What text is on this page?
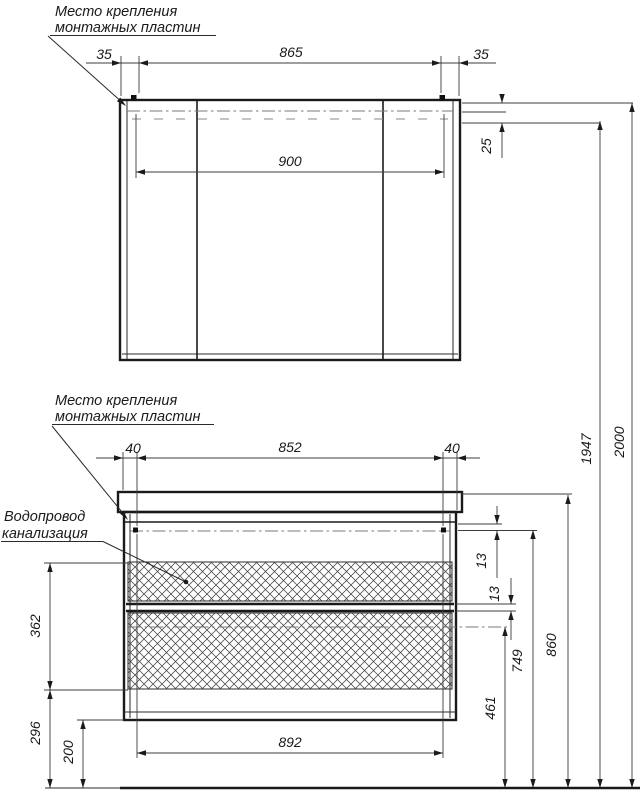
35	865	35
900
25
Место крепления
монтажных пластин
40	852	40
892
362
296
200
13
13
461
749
860
1947 2000
Место крепления
монтажных пластин
Водопровод
канализация
